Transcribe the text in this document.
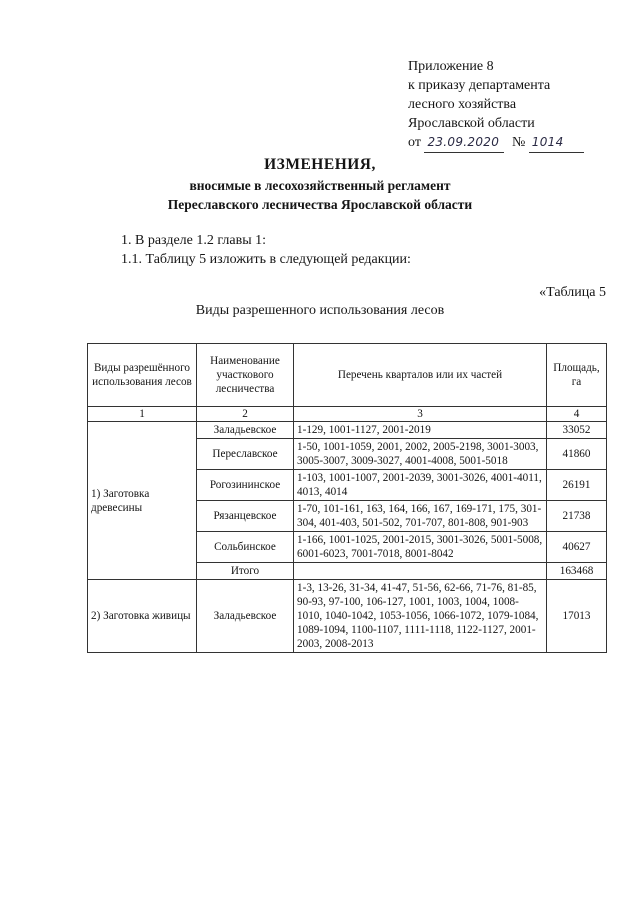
Приложение 8
к приказу департамента
лесного хозяйства
Ярославской области
от 23.09.2020 № 1014
ИЗМЕНЕНИЯ,
вносимые в лесохозяйственный регламент
Переславского лесничества Ярославской области
1. В разделе 1.2 главы 1:
1.1. Таблицу 5 изложить в следующей редакции:
«Таблица 5
Виды разрешенного использования лесов
Виды разрешённого использования лесов	Наименование участкового лесничества	Перечень кварталов или их частей	Площадь, га
1	2	3	4
1) Заготовка древесины	Заладьевское	1-129, 1001-1127, 2001-2019	33052
	Переславское	1-50, 1001-1059, 2001, 2002, 2005-2198, 3001-3003, 3005-3007, 3009-3027, 4001-4008, 5001-5018	41860
	Рогозининское	1-103, 1001-1007, 2001-2039, 3001-3026, 4001-4011, 4013, 4014	26191
	Рязанцевское	1-70, 101-161, 163, 164, 166, 167, 169-171, 175, 301-304, 401-403, 501-502, 701-707, 801-808, 901-903	21738
	Сольбинское	1-166, 1001-1025, 2001-2015, 3001-3026, 5001-5008, 6001-6023, 7001-7018, 8001-8042	40627
	Итого		163468
2) Заготовка живицы	Заладьевское	1-3, 13-26, 31-34, 41-47, 51-56, 62-66, 71-76, 81-85, 90-93, 97-100, 106-127, 1001, 1003, 1004, 1008-1010, 1040-1042, 1053-1056, 1066-1072, 1079-1084, 1089-1094, 1100-1107, 1111-1118, 1122-1127, 2001-2003, 2008-2013	17013
